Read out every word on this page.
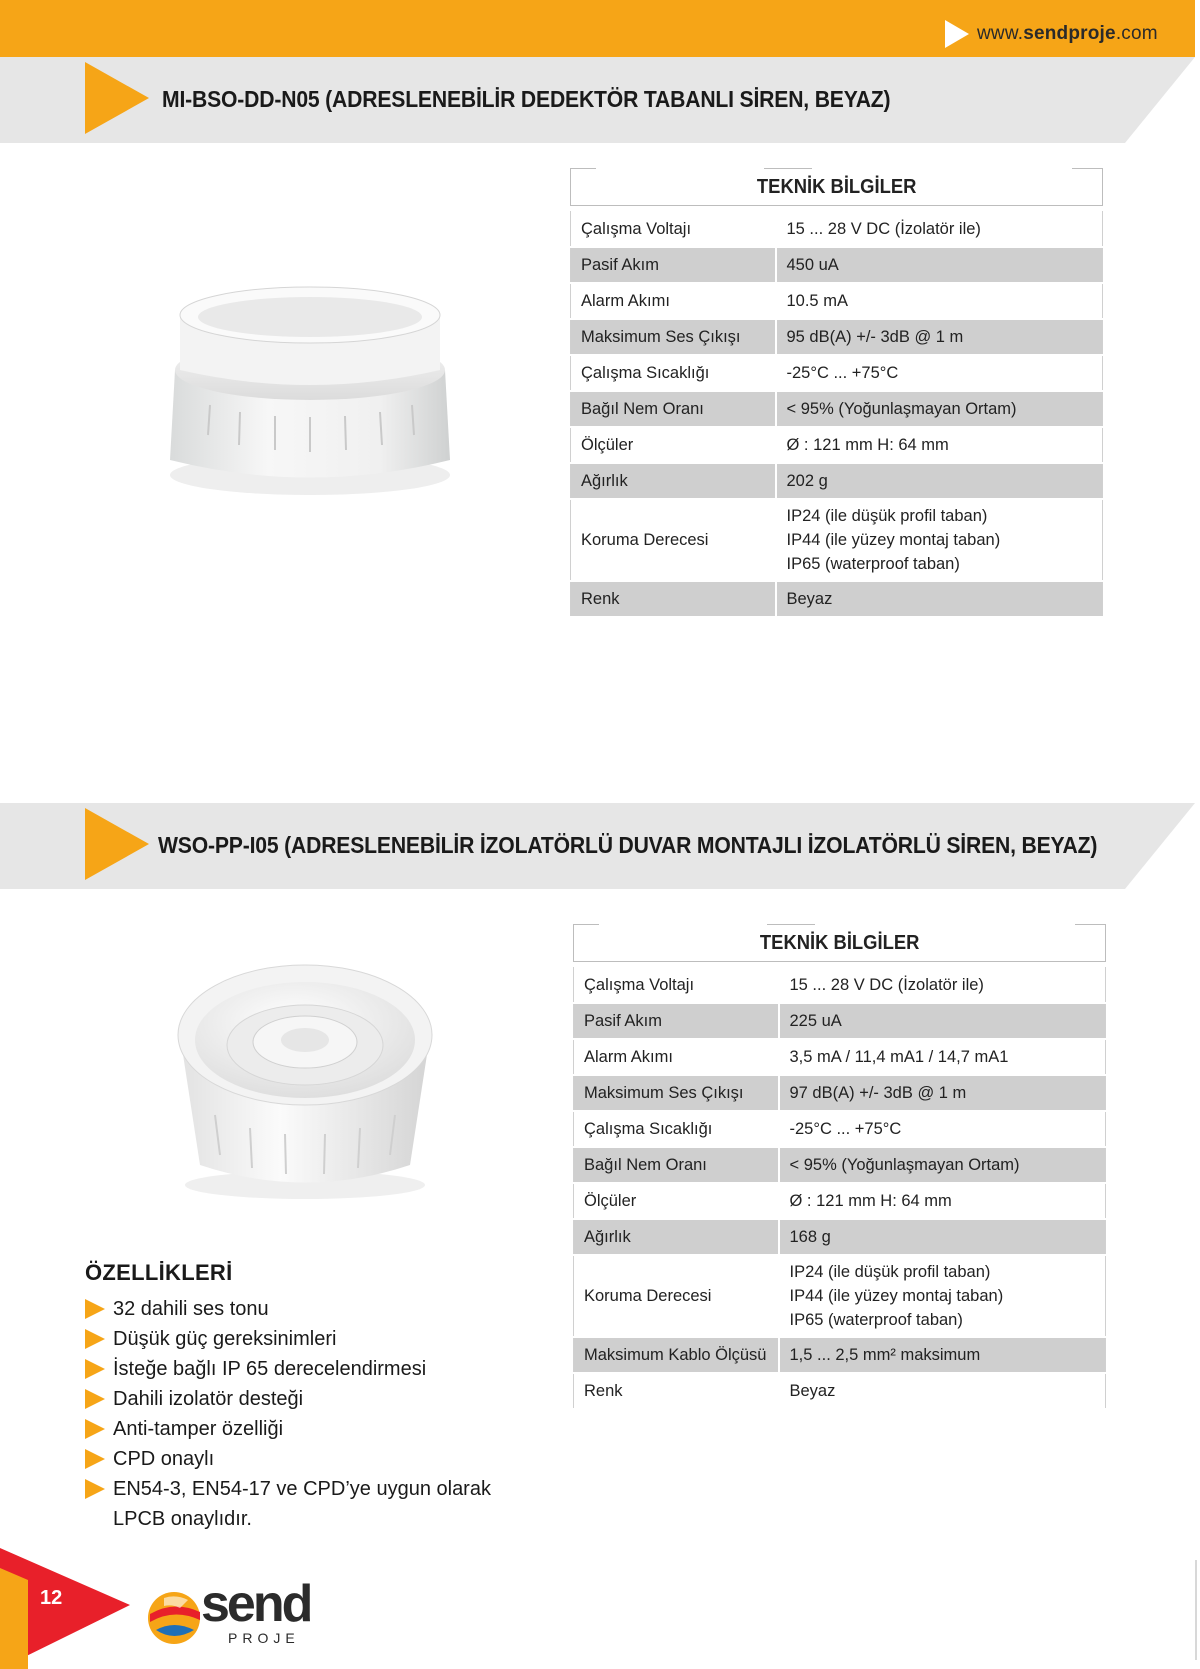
www.sendproje.com
MI-BSO-DD-N05 (ADRESLENEBİLİR DEDEKTÖR TABANLI SİREN, BEYAZ)
TEKNİK BİLGİLER
Çalışma Voltajı	15 ... 28 V DC (İzolatör ile)
Pasif Akım	450 uA
Alarm Akımı	10.5 mA
Maksimum Ses Çıkışı	95 dB(A) +/- 3dB @ 1 m
Çalışma Sıcaklığı	-25°C ... +75°C
Bağıl Nem Oranı	< 95% (Yoğunlaşmayan Ortam)
Ölçüler	Ø : 121 mm H: 64 mm
Ağırlık	202 g
Koruma Derecesi	IP24 (ile düşük profil taban)
IP44 (ile yüzey montaj taban)
IP65 (waterproof taban)

Renk	Beyaz
WSO-PP-I05 (ADRESLENEBİLİR İZOLATÖRLÜ DUVAR MONTAJLI İZOLATÖRLÜ SİREN, BEYAZ)
TEKNİK BİLGİLER
Çalışma Voltajı	15 ... 28 V DC (İzolatör ile)
Pasif Akım	225 uA
Alarm Akımı	3,5 mA / 11,4 mA1 / 14,7 mA1
Maksimum Ses Çıkışı	97 dB(A) +/- 3dB @ 1 m
Çalışma Sıcaklığı	-25°C ... +75°C
Bağıl Nem Oranı	< 95% (Yoğunlaşmayan Ortam)
Ölçüler	Ø : 121 mm H: 64 mm
Ağırlık	168 g
Koruma Derecesi	IP24 (ile düşük profil taban)
IP44 (ile yüzey montaj taban)
IP65 (waterproof taban)

Maksimum Kablo Ölçüsü	1,5 ... 2,5 mm² maksimum
Renk	Beyaz
ÖZELLİKLERİ
32 dahili ses tonu
Düşük güç gereksinimleri
İsteğe bağlı IP 65 derecelendirmesi
Dahili izolatör desteği
Anti-tamper özelliği
CPD onaylı
EN54-3, EN54-17 ve CPD’ye uygun olarak LPCB onaylıdır.
12	send
PROJE
